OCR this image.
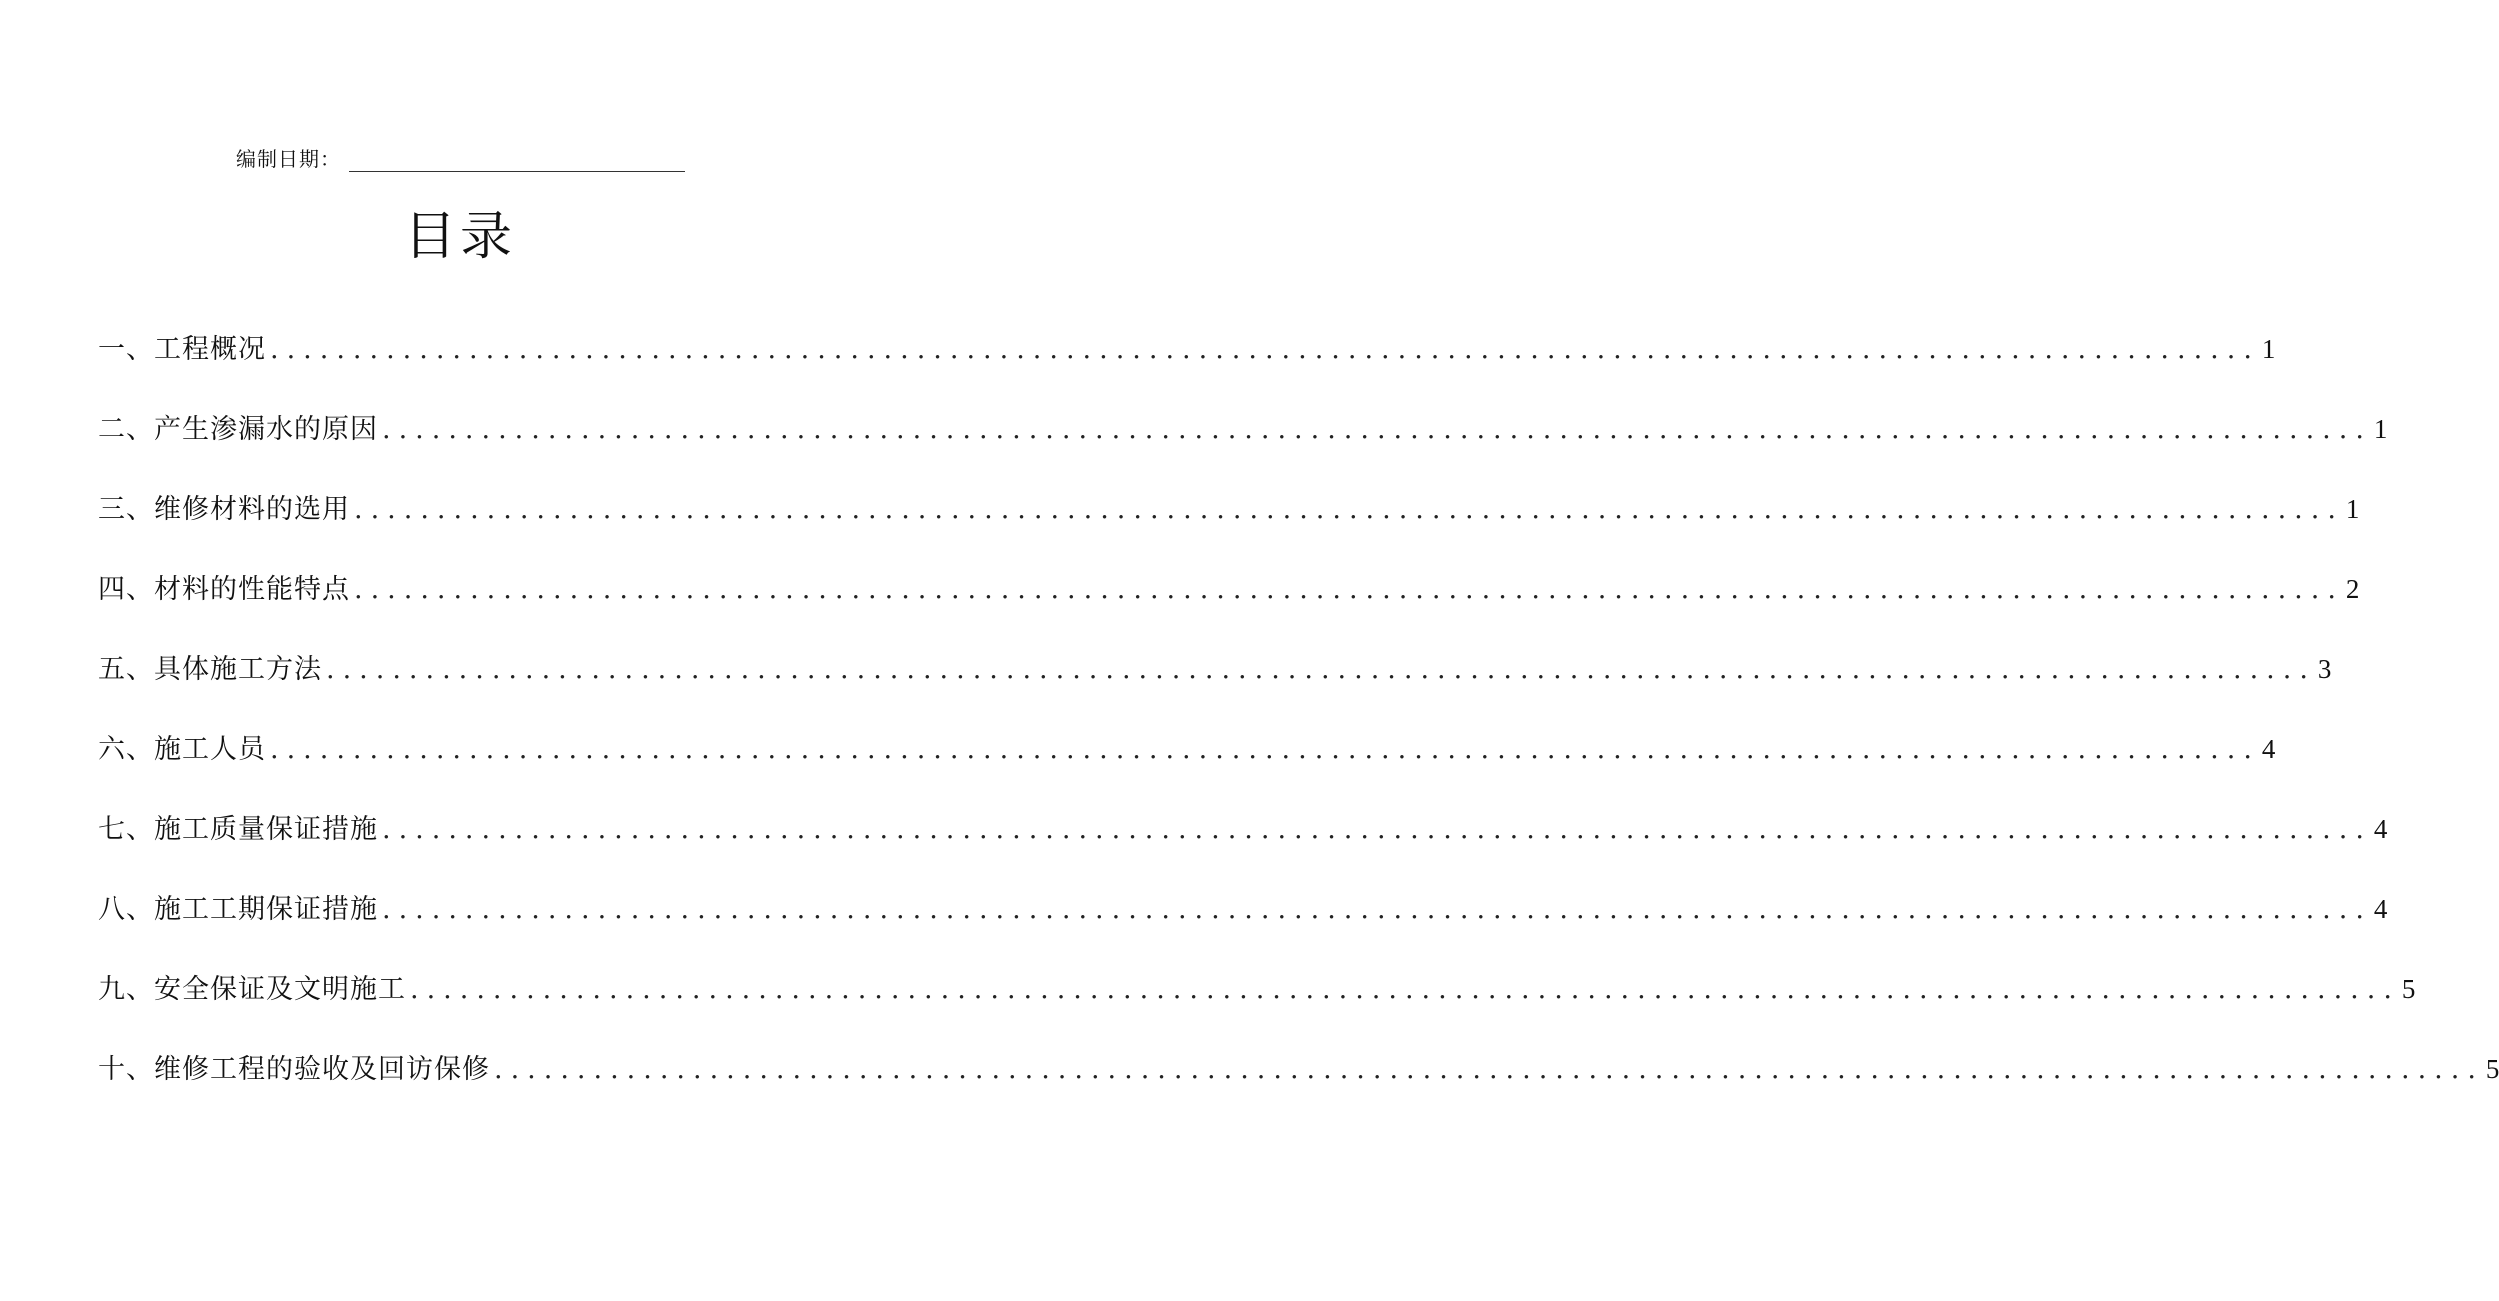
编制日期：
目录
一、工程概况 ........................................................................................................................ 1
二、产生渗漏水的原因 ........................................................................................................................ 1
三、维修材料的选用 ........................................................................................................................ 1
四、材料的性能特点 ........................................................................................................................ 2
五、具体施工方法 ........................................................................................................................ 3
六、施工人员 ........................................................................................................................ 4
七、施工质量保证措施 ........................................................................................................................ 4
八、施工工期保证措施 ........................................................................................................................ 4
九、安全保证及文明施工 ........................................................................................................................ 5
十、维修工程的验收及回访保修 ........................................................................................................................ 5
